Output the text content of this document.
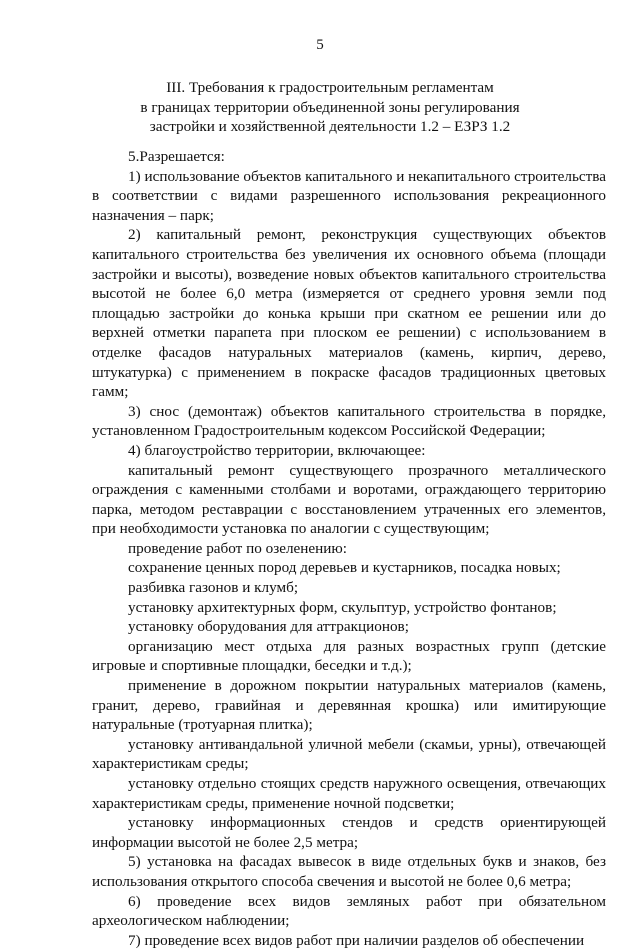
5
III. Требования к градостроительным регламентам
в границах территории объединенной зоны регулирования
застройки и хозяйственной деятельности 1.2 – ЕЗРЗ 1.2

5.Разрешается:

1) использование объектов капитального и некапитального строительства в соответствии с видами разрешенного использования рекреационного назначения – парк;

2) капитальный ремонт, реконструкция существующих объектов капитального строительства без увеличения их основного объема (площади застройки и высоты), возведение новых объектов капитального строительства высотой не более 6,0 метра (измеряется от среднего уровня земли под площадью застройки до конька крыши при скатном ее решении или до верхней отметки парапета при плоском ее решении) с использованием в отделке фасадов натуральных материалов (камень, кирпич, дерево, штукатурка) с применением в покраске фасадов традиционных цветовых гамм;

3) снос (демонтаж) объектов капитального строительства в порядке, установленном Градостроительным кодексом Российской Федерации;

4) благоустройство территории, включающее:

капитальный ремонт существующего прозрачного металлического ограждения с каменными столбами и воротами, ограждающего территорию парка, методом реставрации с восстановлением утраченных его элементов, при необходимости установка по аналогии с существующим;

проведение работ по озеленению:

сохранение ценных пород деревьев и кустарников, посадка новых;

разбивка газонов и клумб;

установку архитектурных форм, скульптур, устройство фонтанов;

установку оборудования для аттракционов;

организацию мест отдыха для разных возрастных групп (детские игровые и спортивные площадки, беседки и т.д.);

применение в дорожном покрытии натуральных материалов (камень, гранит, дерево, гравийная и деревянная крошка) или имитирующие натуральные (тротуарная плитка);

установку антивандальной уличной мебели (скамьи, урны), отвечающей характеристикам среды;

установку отдельно стоящих средств наружного освещения, отвечающих характеристикам среды, применение ночной подсветки;

установку информационных стендов и средств ориентирующей информации высотой не более 2,5 метра;

5) установка на фасадах вывесок в виде отдельных букв и знаков, без использования открытого способа свечения и высотой не более 0,6 метра;

6) проведение всех видов земляных работ при обязательном археологическом наблюдении;

7) проведение всех видов работ при наличии разделов об обеспечении
